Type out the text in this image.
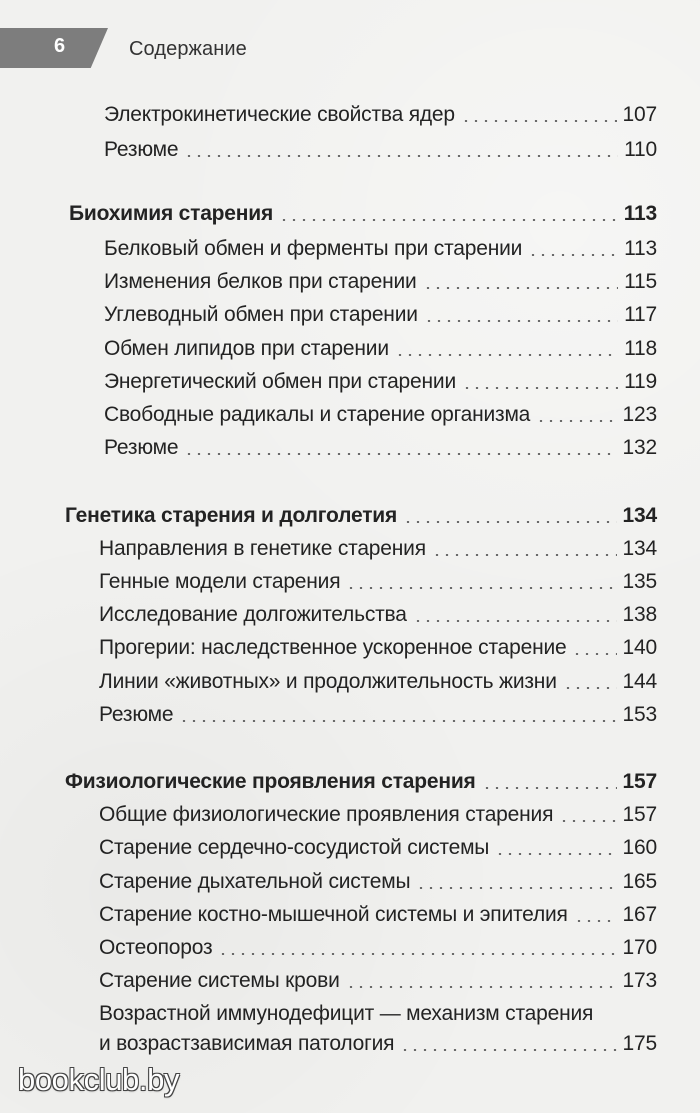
6	Содержание
Электрокинетические свойства ядер	107
Резюме	110
Биохимия старения	113
Белковый обмен и ферменты при старении	113
Изменения белков при старении	115
Углеводный обмен при старении	117
Обмен липидов при старении	118
Энергетический обмен при старении	119
Свободные радикалы и старение организма	123
Резюме	132
Генетика старения и долголетия	134
Направления в генетике старения	134
Генные модели старения	135
Исследование долгожительства	138
Прогерии: наследственное ускоренное старение	140
Линии «животных» и продолжительность жизни	144
Резюме	153
Физиологические проявления старения	157
Общие физиологические проявления старения	157
Старение сердечно-сосудистой системы	160
Старение дыхательной системы	165
Старение костно-мышечной системы и эпителия	167
Остеопороз	170
Старение системы крови	173
Возрастной иммунодефицит — механизм старения
и возрастзависимая патология	175
bookclub.by
